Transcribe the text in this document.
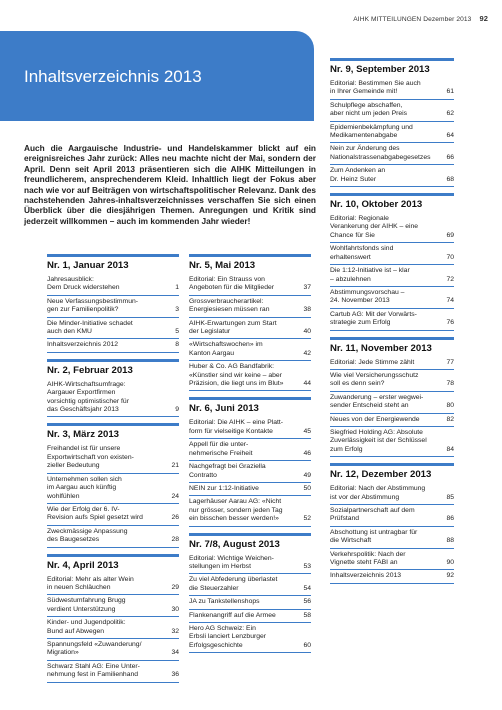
AIHK MITTEILUNGEN Dezember 2013 92
Inhaltsverzeichnis 2013
Auch die Aargauische Industrie- und Handelskammer blickt auf ein ereignisreiches Jahr zurück: Alles neu machte nicht der Mai, sondern der April. Denn seit April 2013 präsentieren sich die AIHK Mitteilungen in freundlicherem, ansprechenderem Kleid. Inhaltlich liegt der Fokus aber nach wie vor auf Beiträgen von wirtschaftspolitischer Relevanz. Dank des nachstehenden Jahres-inhaltsverzeichnisses verschaffen Sie sich einen Überblick über die diesjährigen Themen. Anregungen und Kritik sind jederzeit willkommen – auch im kommenden Jahr wieder!
Nr. 1, Januar 2013
Jahresausblick:
Dem Druck widerstehen	1
Neue Verfassungsbestimmun-
gen zur Familienpolitik?	3
Die Minder-Initiative schadet
auch den KMU	5
Inhaltsverzeichnis 2012	8
Nr. 2, Februar 2013
AIHK-Wirtschaftsumfrage:
Aargauer Exportfirmen
vorsichtig optimistischer für
das Geschäftsjahr 2013	9
Nr. 3, März 2013
Freihandel ist für unsere
Exportwirtschaft von existen-
zieller Bedeutung	21
Unternehmen sollen sich
im Aargau auch künftig
wohlfühlen	24
Wie der Erfolg der 6. IV-
Revision aufs Spiel gesetzt wird	26
Zweckmässige Anpassung
des Baugesetzes	28
Nr. 4, April 2013
Editorial: Mehr als alter Wein
in neuen Schläuchen	29
Südwestumfahrung Brugg
verdient Unterstützung	30
Kinder- und Jugendpolitik:
Bund auf Abwegen	32
Spannungsfeld «Zuwanderung/
Migration»	34
Schwarz Stahl AG: Eine Unter-
nehmung fest in Familienhand	36
Nr. 5, Mai 2013
Editorial: Ein Strauss von
Angeboten für die Mitglieder	37
Grossverbraucherartikel:
Energiesiesen müssen ran	38
AIHK-Erwartungen zum Start
der Legislatur	40
«Wirtschaftswochen» im
Kanton Aargau	42
Huber & Co. AG Bandfabrik:
«Künstler sind wir keine – aber
Präzision, die liegt uns im Blut»	44
Nr. 6, Juni 2013
Editorial: Die AIHK – eine Platt-
form für vielseitige Kontakte	45
Appell für die unter-
nehmerische Freiheit	46
Nachgefragt bei Graziella
Contratto	49
NEIN zur 1:12-Initiative	50
Lagerhäuser Aarau AG: «Nicht
nur grösser, sondern jeden Tag
ein bisschen besser werden!»	52
Nr. 7/8, August 2013
Editorial: Wichtige Weichen-
stellungen im Herbst	53
Zu viel Abfederung überlastet
die Steuerzahler	54
JA zu Tankstellenshops	56
Flankenangriff auf die Armee	58
Hero AG Schweiz: Ein
Erbsli lanciert Lenzburger
Erfolgsgeschichte	60
Nr. 9, September 2013
Editorial: Bestimmen Sie auch
in Ihrer Gemeinde mit!	61
Schulpflege abschaffen,
aber nicht um jeden Preis	62
Epidemienbekämpfung und
Medikamentenabgabe	64
Nein zur Änderung des
Nationalstrassenabgabegesetzes	66
Zum Andenken an
Dr. Heinz Suter	68
Nr. 10, Oktober 2013
Editorial: Regionale
Verankerung der AIHK – eine
Chance für Sie	69
Wohlfahrtsfonds sind
erhaltenswert	70
Die 1:12-Initiative ist – klar
– abzulehnen	72
Abstimmungsvorschau –
24. November 2013	74
Cartub AG: Mit der Vorwärts-
strategie zum Erfolg	76
Nr. 11, November 2013
Editorial: Jede Stimme zählt	77
Wie viel Versicherungsschutz
soll es denn sein?	78
Zuwanderung – erster wegwei-
sender Entscheid steht an	80
Neues von der Energiewende	82
Siegfried Holding AG: Absolute
Zuverlässigkeit ist der Schlüssel
zum Erfolg	84
Nr. 12, Dezember 2013
Editorial: Nach der Abstimmung
ist vor der Abstimmung	85
Sozialpartnerschaft auf dem
Prüfstand	86
Abschottung ist untragbar für
die Wirtschaft	88
Verkehrspolitik: Nach der
Vignette steht FABI an	90
Inhaltsverzeichnis 2013	92
